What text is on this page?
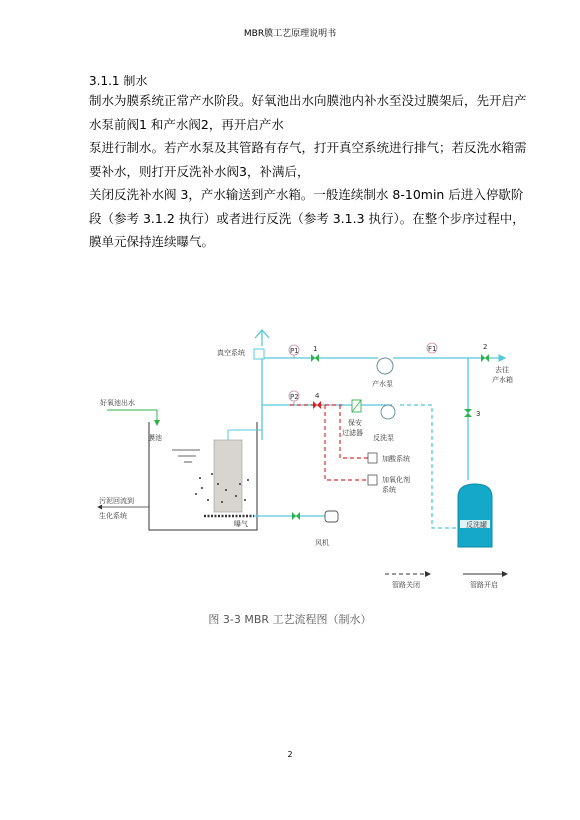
MBR膜工艺原理说明书
3.1.1 制水

制水为膜系统正常产水阶段。好氧池出水向膜池内补水至没过膜架后，先开启产

水泵前阀1 和产水阀2，再开启产水

泵进行制水。若产水泵及其管路有存气，打开真空系统进行排气；若反洗水箱需

要补水，则打开反洗补水阀3，补满后，

关闭反洗补水阀 3，产水输送到产水箱。一般连续制水 8-10min 后进入停歇阶

段（参考 3.1.2 执行）或者进行反洗（参考 3.1.3 执行）。在整个步序过程中，

膜单元保持连续曝气。

真空系统	P1 1
产水泵
F1	2
去往
产水箱
3
P2 4
保安
过滤器
反洗泵
加酸系统
加氧化剂
系统
好氧池出水
膜池
污泥回流到
生化系统
曝气
风机
反洗罐
管路关闭	管路开启
图 3-3 MBR 工艺流程图（制水）
2
